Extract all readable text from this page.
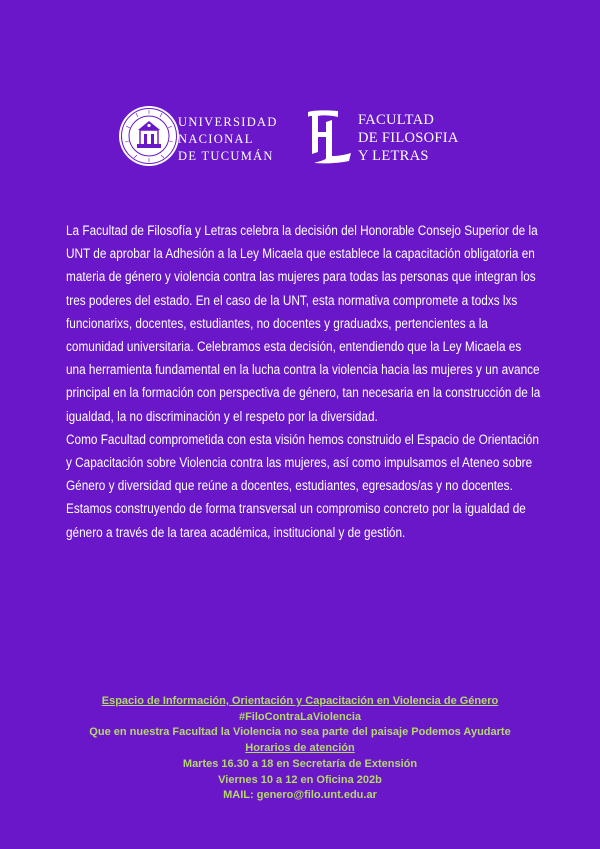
UNIVERSIDAD
NACIONAL
DE TUCUMÁN
FACULTAD
DE FILOSOFIA
Y LETRAS

La Facultad de Filosofía y Letras celebra la decisión del Honorable Consejo Superior de la UNT de aprobar la Adhesión a la Ley Micaela que establece la capacitación obligatoria en materia de género y violencia contra las mujeres para todas las personas que integran los tres poderes del estado. En el caso de la UNT, esta normativa compromete a todxs lxs funcionarixs, docentes, estudiantes, no docentes y graduadxs, pertencientes a la comunidad universitaria. Celebramos esta decisión, entendiendo que la Ley Micaela es una herramienta fundamental en la lucha contra la violencia hacia las mujeres y un avance principal en la formación con perspectiva de género, tan necesaria en la construcción de la igualdad, la no discriminación y el respeto por la diversidad.

Como Facultad comprometida con esta visión hemos construido el Espacio de Orientación y Capacitación sobre Violencia contra las mujeres, así como impulsamos el Ateneo sobre Género y diversidad que reúne a docentes, estudiantes, egresados/as y no docentes. Estamos construyendo de forma transversal un compromiso concreto por la igualdad de género a través de la tarea académica, institucional y de gestión.

Espacio de Información, Orientación y Capacitación en Violencia de Género
#FiloContraLaViolencia
Que en nuestra Facultad la Violencia no sea parte del paisaje Podemos Ayudarte
Horarios de atención
Martes 16.30 a 18 en Secretaría de Extensión
Viernes 10 a 12 en Oficina 202b
MAIL: genero@filo.unt.edu.ar
